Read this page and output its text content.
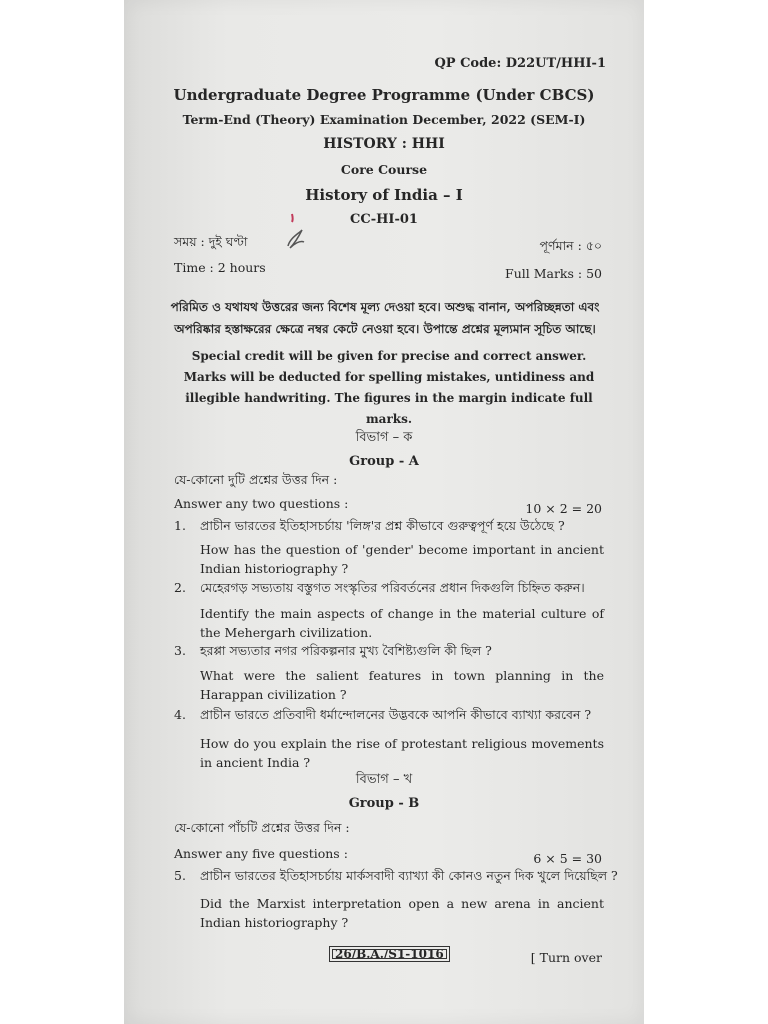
QP Code: D22UT/HHI-1
Undergraduate Degree Programme (Under CBCS)
Term-End (Theory) Examination December, 2022 (SEM-I)
HISTORY : HHI
Core Course
History of India – I
CC-HI-01
সময় : দুই ঘণ্টা	পূর্ণমান : ৫০
Time : 2 hours	Full Marks : 50
পরিমিত ও যথাযথ উত্তরের জন্য বিশেষ মূল্য দেওয়া হবে। অশুদ্ধ বানান, অপরিচ্ছন্নতা এবং অপরিষ্কার হস্তাক্ষরের ক্ষেত্রে নম্বর কেটে নেওয়া হবে। উপান্তে প্রশ্নের মূল্যমান সূচিত আছে।
Special credit will be given for precise and correct answer. Marks will be deducted for spelling mistakes, untidiness and illegible handwriting. The figures in the margin indicate full marks.
বিভাগ – ক
Group - A
যে-কোনো দুটি প্রশ্নের উত্তর দিন :
Answer any two questions :	10 × 2 = 20
1. প্রাচীন ভারতের ইতিহাসচর্চায় 'লিঙ্গ'র প্রশ্ন কীভাবে গুরুত্বপূর্ণ হয়ে উঠেছে ?
How has the question of 'gender' become important in ancient Indian historiography ?
2. মেহেরগড় সভ্যতায় বস্তুগত সংস্কৃতির পরিবর্তনের প্রধান দিকগুলি চিহ্নিত করুন।
Identify the main aspects of change in the material culture of the Mehergarh civilization.
3. হরপ্পা সভ্যতার নগর পরিকল্পনার মুখ্য বৈশিষ্ট্যগুলি কী ছিল ?
What were the salient features in town planning in the Harappan civilization ?
4. প্রাচীন ভারতে প্রতিবাদী ধর্মান্দোলনের উদ্ভবকে আপনি কীভাবে ব্যাখ্যা করবেন ?
How do you explain the rise of protestant religious movements in ancient India ?
বিভাগ – খ
Group - B
যে-কোনো পাঁচটি প্রশ্নের উত্তর দিন :
Answer any five questions :	6 × 5 = 30
5. প্রাচীন ভারতের ইতিহাসচর্চায় মার্কসবাদী ব্যাখ্যা কী কোনও নতুন দিক খুলে দিয়েছিল ?
Did the Marxist interpretation open a new arena in ancient Indian historiography ?
26/B.A./S1-1016	[ Turn over
